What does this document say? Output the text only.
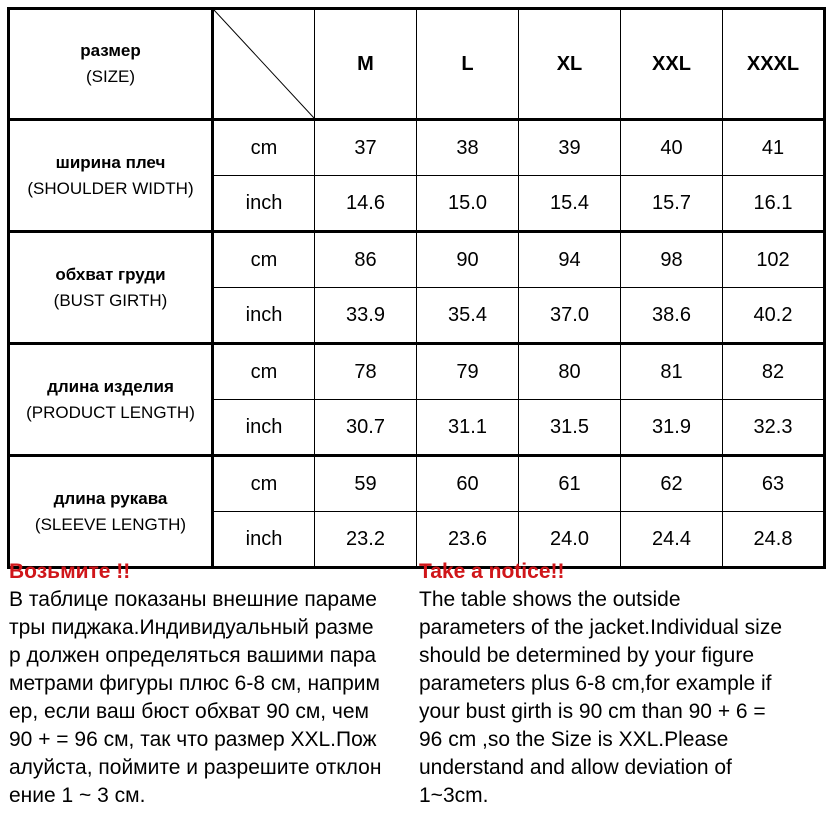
размер
(SIZE)		M	L	XL	XXL	XXXL

ширина плеч
(SHOULDER WIDTH)	cm	37	38	39	40	41
	inch	14.6	15.0	15.4	15.7	16.1

обхват груди
(BUST GIRTH)	cm	86	90	94	98	102
	inch	33.9	35.4	37.0	38.6	40.2

длина изделия
(PRODUCT LENGTH)	cm	78	79	80	81	82
	inch	30.7	31.1	31.5	31.9	32.3

длина рукава
(SLEEVE LENGTH)	cm	59	60	61	62	63
	inch	23.2	23.6	24.0	24.4	24.8
Возьмите !!
В таблице показаны внешние параме
тры пиджака.Индивидуальный разме
р должен определяться вашими пара
метрами фигуры плюс 6-8 см, наприм
ер, если ваш бюст обхват 90 см, чем
90 + = 96 см, так что размер XXL.Пож
алуйста, поймите и разрешите отклон
ение 1 ~ 3 см.
Take a notice!!
The table shows the outside
parameters of the jacket.Individual size
should be determined by your figure
parameters plus 6-8 cm,for example if
your bust girth is 90 cm than 90 + 6 =
96 cm ,so the Size is XXL.Please
understand and allow deviation of
1~3cm.
